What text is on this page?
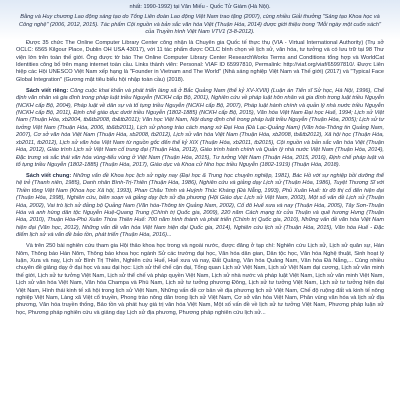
nhất: 1990-1992) tại Văn Miếu - Quốc Tử Giám (Hà Nội).

Bằng và Huy chương Lao động sáng tạo do Tổng Liên đoàn Lao động Việt Nam trao tặng (2007), cùng nhiều Giải thưởng "Sáng tạo Khoa học và Công nghệ" (2006, 2012, 2015). Tác phẩm Cội nguồn và bản sắc văn hóa Việt (Thuận Hóa, 2014) được giới thiệu trong "Mỗi ngày một cuốn sách" của Truyền hình Việt Nam VTV1 (3-8-2012).

Được 35 chức The Online Computer Library Center công nhận là Chuyên gia Quốc tế thực thụ (VIA - Virtual International Authority) (Trụ sở OCLC: 6565 Kilgour Place, Dublin OH USA 43017), với 11 tác phẩm được OCLC bình chọn về lịch sử, văn hóa, tư tưởng và có lưu trữ tại 98 Thư viện lớn trên toàn thế giới. Ông được tờ báo The Online Computer Library Center ResearchWorks Terms and Conditions tổng hợp và WorldCat Identities công bố trên mạng internet toàn cầu. Links thành viên: Personal: VIAF ID 65997810, Permalink: http://viaf.org/viaf/65997810/. Được Liên hiệp các Hội UNESCO Việt Nam xếp hạng là "Founder in Vietnam and The World" (Nhà sáng nghiệp Việt Nam và Thế giới) (2017) và "Typical Face Global Integration" (Gương mặt tiêu biểu hội nhập toàn cầu) (2018).

Sách viết riêng: Công cuộc khai khẩn và phát triển làng xã ở Bắc Quảng Nam (thế kỷ XV-XVIII) (Luận án Tiến sĩ Sử học, Hà Nội, 1996), Chế định văn nhân và gia đình trong pháp luật triều Nguyễn (NCKH cấp Bộ, 2001), Nghiên cứu về pháp luật hôn nhân và gia đình trong luật triều Nguyễn (NCKH cấp Bộ, 2004), Pháp luật về dân sự và tố tụng triều Nguyễn (NCKH cấp Bộ, 2007), Pháp luật hành chính và quản lý nhà nước triều Nguyễn (NCKH cấp Bộ, 2011), Định chế giáo dục dưới triều Nguyễn (1802-1885) (NCKH cấp Bộ, 2015), Văn hóa Việt Nam Đại học Huế, 1994; Lịch sử Việt Nam (Thuận Hóa, xb2004, tb&tb2008, tb&tb2011); Văn học Việt Nam, Nội dung định chế trong pháp luật triều Nguyễn (Thuận Hóa, 2005); Lịch sử tư tưởng Việt Nam (Thuận Hóa, 2006, tb&tb2011), Lịch sử phong trào cách mạng xứ Đại Hoa (Đà Lạc-Quảng Nam) (Văn hóa-Thông tin Quảng Nam, 2007), Cơ sở văn hóa Việt Nam (Thuận Hóa, xb2008, tb2012), Lịch sử văn hóa Việt Nam (Thuận Hóa, xb2008, tb&tb2012), Xã hội học (Thuận Hóa, xb2011, tb2012), Lịch sử văn hóa Việt Nam từ nguồn gốc đến thế kỷ XIX (Thuận Hóa, xb2011, tb2015), Cội nguồn và bản sắc văn hóa Việt (Thuận Hóa, 2012), Giáo trình Lịch sử Việt Nam cổ trung đại (Thuận Hóa, 2012), Giáo trình hành chính và Quản lý nhà nước Việt Nam (Thuận Hóa, 2014), Đặc trưng và sắc thái văn hóa vùng-tiểu vùng ở Việt Nam (Thuận Hóa, 2015), Tư tưởng Việt Nam (Thuận Hóa, 2015, 2016), Định chế pháp luật và tố tụng triều Nguyễn (1802-1885) (Thuận Hóa, 2017), Giáo dục và Khoa cử Nho học triều Nguyễn (1802-1919) (Thuận Hóa, 2018).

Sách viết chung: Những vấn đề Khoa học lịch sử ngày nay (Đại học & Trung học chuyên nghiệp, 1981), Bác Hồ với sự nghiệp bồi dưỡng thế hệ trẻ (Thanh niên, 1985), Danh nhân Bình-Trị-Thiên (Thuận Hóa, 1986), Nghiên cứu và giảng dạy Lịch sử (Thuận Hóa, 1986), Tuyệt Thương Sĩ với Thiền tông Việt Nam (Khoa học Xã hội, 1993), Phan Châu Trinh và Huỳnh Thúc Kháng (Đà Nẵng, 1993), Phủ Xuân Huế: từ đô thị cổ đến hiện đại (Thuận Hóa, 1998), Nghiên cứu, biên soạn và giảng dạy lịch sử địa phương (Hội Giáo dục Lịch sử Việt Nam, 2002), Một số vấn đề Lịch sử (Thuận Hóa, 2002), Vai trò lịch sử đảng bộ Quảng Nam (Văn hóa-Thông tin Quảng Nam, 2002), Cố đô Huế xưa và nay (Thuận Hóa, 2005), Tây Sơn-Thuận Hóa và anh hùng dân tộc Nguyễn Huệ-Quang Trung (Chính trị Quốc gia, 2009), 220 năm Cách mạng từ cửa Thuận và quê hương Hưng (Thuận Hóa, 2010), Thuận Hóa-Phú Xuân Thừa Thiên Huế: 700 năm hình thành và phát triển (Chính trị Quốc gia, 2010), Những vấn đề văn hóa Việt Nam hiện đại (Văn học, 2012), Những vấn đề văn hóa Việt Nam hiện đại Quốc gia, 2014), Nghiên cứu lịch sử (Thuận Hóa, 2015), Văn hóa Huế - Đặc điểm lịch sử và vấn đề bảo tồn, phát triển (Thuận Hóa, 2016)...

Và trên 250 bài nghiên cứu tham gia Hội thảo khoa học trong và ngoài nước, được đăng ở tạp chí: Nghiên cứu Lịch sử, Lịch sử quân sự, Hán Nôm, Thông báo Hán Nôm, Thông báo khoa học ngành Sử các trường đại học, Văn hóa dân gian, Dân tộc học, Văn hóa Nghệ thuật, Sinh hoạt lý luận, Xưa và nay, Lịch sử Bình Trị Thiên, Nghiên cứu Huế, Huế xưa và nay, Đất Quảng, Văn hóa Quảng Nam, Văn hóa Đà Nẵng,... Cùng nhiều chuyên đề giảng dạy ở đại học và sau đại học: Lịch sử thể chế cận đại, Tổng quan Lịch sử Việt Nam, Lịch sử Việt Nam đại cương, Lịch sử văn minh thế giới, Lịch sử tư tưởng Việt Nam, Lịch sử thể chế và pháp quyền Việt Nam, Lịch sử nhà nước và pháp luật Việt Nam, Lịch sử văn minh Việt Nam, Lịch sử văn hóa Việt Nam, Văn hóa Champa và Phù Nam, Lịch sử tư tưởng phương Đông, Lịch sử tư tưởng Việt Nam, Lịch sử tư tưởng hiện đại Việt Nam, Hình thái kinh tế xã hội trong lịch sử Việt Nam, Những vấn đề cơ bản về địa phương lịch sử Việt Nam, Chế độ ruộng đất và kinh tế nông nghiệp Việt Nam, Làng xã Việt cổ truyền, Phong trào nông dân trong lịch sử Việt Nam, Cơ sở văn hóa Việt Nam, Phân vùng văn hóa và lịch sử địa phương, Văn hóa truyền thống, Bảo tồn và phát huy giá trị văn hóa Việt Nam, Một số vấn đề về lịch sử tư tưởng Việt Nam, Phương pháp luận sử học, Phương pháp nghiên cứu và giảng dạy Lịch sử địa phương, Phương pháp nghiên cứu lịch sử...
